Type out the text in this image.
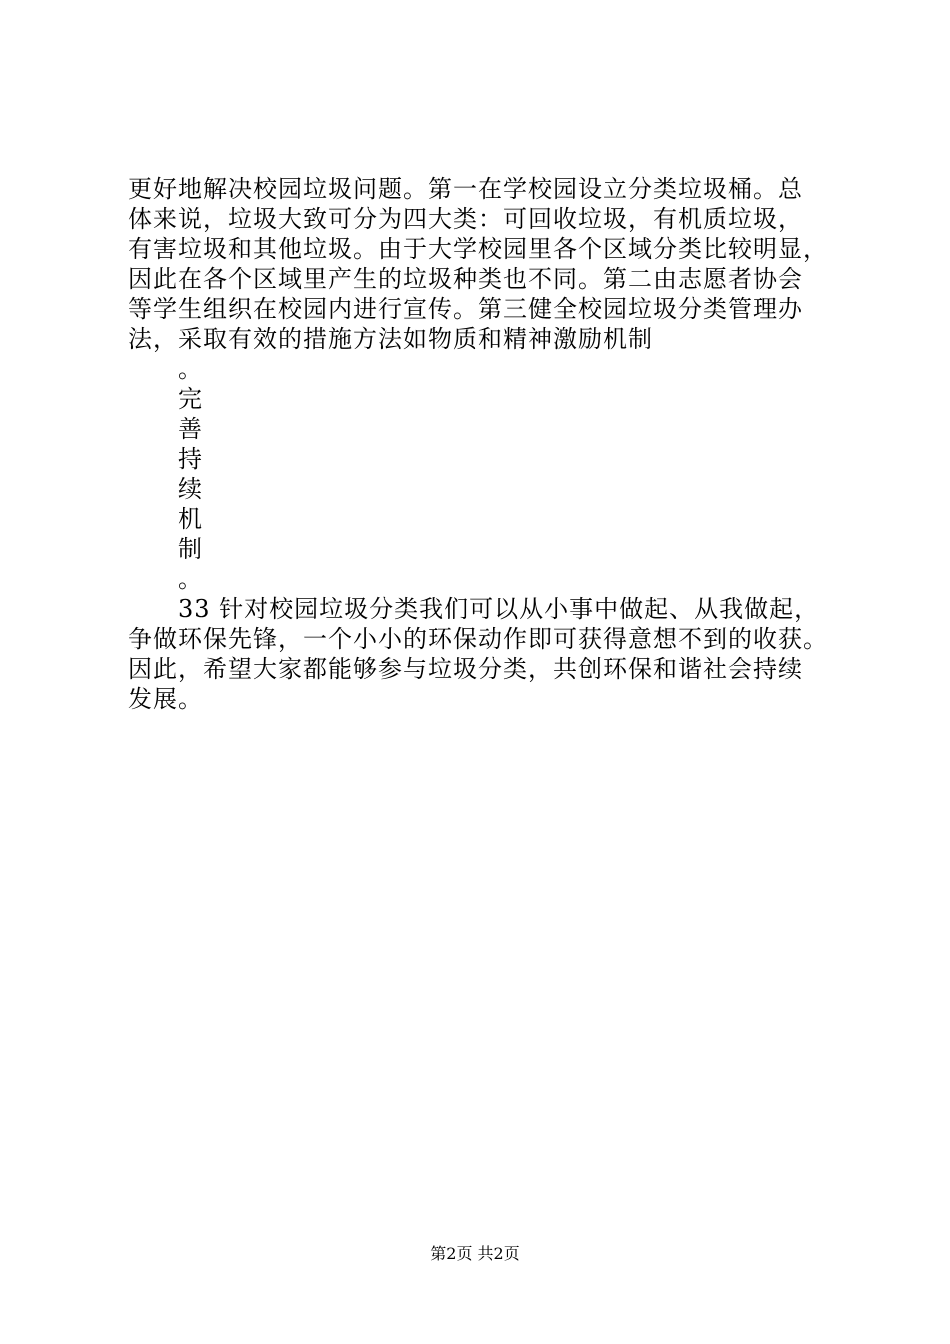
更好地解决校园垃圾问题。第一在学校园设立分类垃圾桶。总
体来说，垃圾大致可分为四大类：可回收垃圾，有机质垃圾，
有害垃圾和其他垃圾。由于大学校园里各个区域分类比较明显，
因此在各个区域里产生的垃圾种类也不同。第二由志愿者协会
等学生组织在校园内进行宣传。第三健全校园垃圾分类管理办
法，采取有效的措施方法如物质和精神激励机制
。
完
善
持
续
机
制
。
33 针对校园垃圾分类我们可以从小事中做起、从我做起，
争做环保先锋，一个小小的环保动作即可获得意想不到的收获。
因此，希望大家都能够参与垃圾分类，共创环保和谐社会持续
发展。
第2页 共2页
